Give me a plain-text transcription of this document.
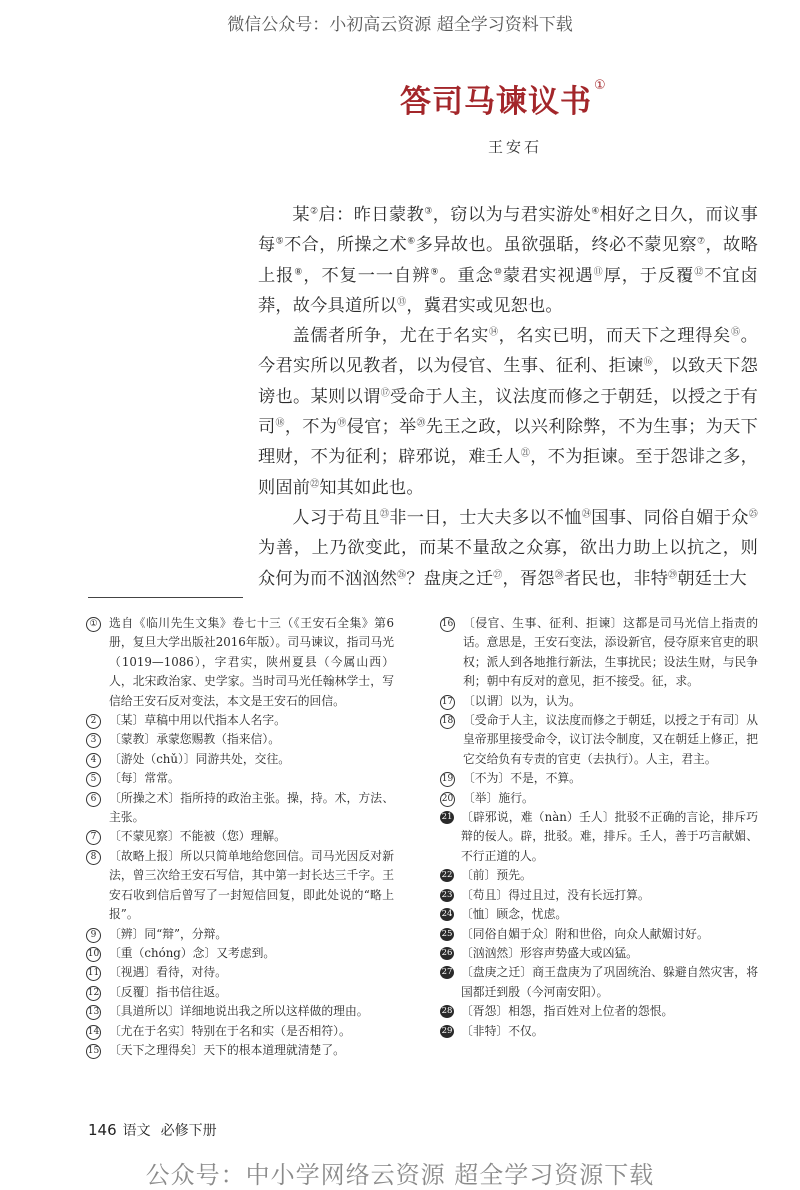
微信公众号：小初高云资源 超全学习资料下载
答司马谏议书 ①
王安石

某②启：昨日蒙教③，窃以为与君实游处④相好之日久，而议事每⑤不合，所操之术⑥多异故也。虽欲强聒，终必不蒙见察⑦，故略上报⑧，不复一一自辨⑨。重念⑩蒙君实视遇⑪厚，于反覆⑫不宜卤莽，故今具道所以⑬，冀君实或见恕也。

盖儒者所争，尤在于名实⑭，名实已明，而天下之理得矣⑮。今君实所以见教者，以为侵官、生事、征利、拒谏⑯，以致天下怨谤也。某则以谓⑰受命于人主，议法度而修之于朝廷，以授之于有司⑱，不为⑲侵官；举⑳先王之政，以兴利除弊，不为生事；为天下理财，不为征利；辟邪说，难壬人$^㉑$，不为拒谏。至于怨诽之多，则固前$^㉒$知其如此也。

人习于苟且$^㉓$非一日，士大夫多以不恤$^㉔$国事、同俗自媚于众$^㉕$为善，上乃欲变此，而某不量敌之众寡，欲出力助上以抗之，则众何为而不汹汹然$^㉖$？盘庚之迁$^㉗$，胥怨$^㉘$者民也，非特$^㉙$朝廷士大

① 选自《临川先生文集》卷七十三（《王安石全集》第6册，复旦大学出版社2016年版）。司马谏议，指司马光（1019—1086），字君实，陕州夏县（今属山西）人，北宋政治家、史学家。当时司马光任翰林学士，写信给王安石反对变法，本文是王安石的回信。
2	〔某〕草稿中用以代指本人名字。
3	〔蒙教〕承蒙您赐教（指来信）。
4	〔游处（chǔ）〕同游共处，交往。
5	〔每〕常常。
6	〔所操之术〕指所持的政治主张。操，持。术，方法、主张。
7	〔不蒙见察〕不能被（您）理解。
8	〔故略上报〕所以只简单地给您回信。司马光因反对新法，曾三次给王安石写信，其中第一封长达三千字。王安石收到信后曾写了一封短信回复，即此处说的“略上报”。
9	〔辨〕同“辩”，分辩。
10 〔重（chóng）念〕又考虑到。
11 〔视遇〕看待，对待。
12 〔反覆〕指书信往返。
13 〔具道所以〕详细地说出我之所以这样做的理由。
14 〔尤在于名实〕特别在于名和实（是否相符）。
15 〔天下之理得矣〕天下的根本道理就清楚了。
16 〔侵官、生事、征利、拒谏〕这都是司马光信上指责的话。意思是，王安石变法，添设新官，侵夺原来官吏的职权；派人到各地推行新法，生事扰民；设法生财，与民争利；朝中有反对的意见，拒不接受。征，求。
17 〔以谓〕以为，认为。
18 〔受命于人主，议法度而修之于朝廷，以授之于有司〕从皇帝那里接受命令，议订法令制度，又在朝廷上修正，把它交给负有专责的官吏（去执行）。人主，君主。
19 〔不为〕不是，不算。
20 〔举〕施行。
21 〔辟邪说，难（nàn）壬人〕批驳不正确的言论，排斥巧辩的佞人。辟，批驳。难，排斥。壬人，善于巧言献媚、不行正道的人。
22 〔前〕预先。
23 〔苟且〕得过且过，没有长远打算。
24 〔恤〕顾念，忧虑。
25 〔同俗自媚于众〕附和世俗，向众人献媚讨好。
26 〔汹汹然〕形容声势盛大或凶猛。
27 〔盘庚之迁〕商王盘庚为了巩固统治、躲避自然灾害，将国都迁到殷（今河南安阳）。
28 〔胥怨〕相怨，指百姓对上位者的怨恨。
29 〔非特〕不仅。
146 语文 必修下册
公众号：中小学网络云资源 超全学习资源下载
